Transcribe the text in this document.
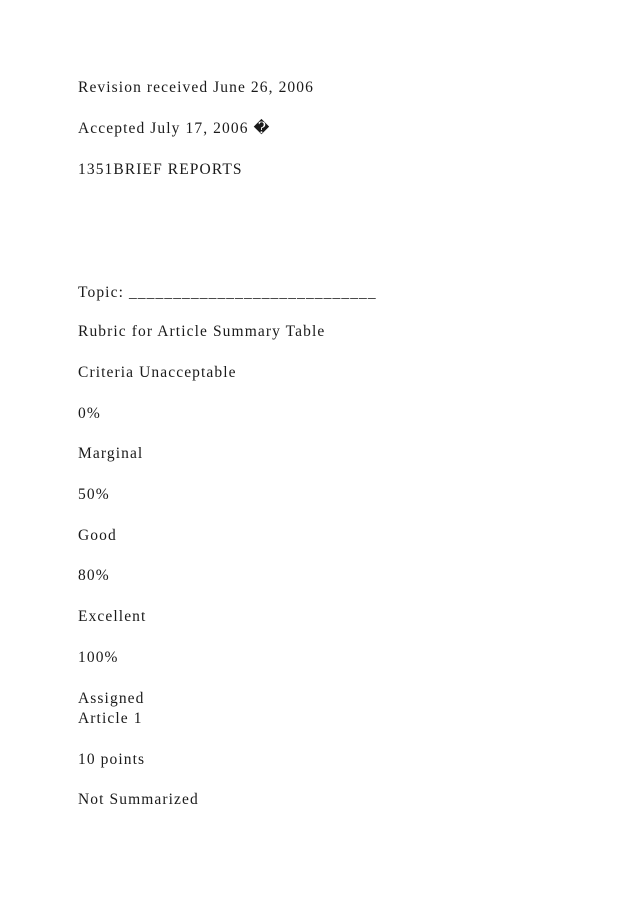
Revision received June 26, 2006

Accepted July 17, 2006 �

1351BRIEF REPORTS

Topic: ____________________________

Rubric for Article Summary Table

Criteria Unacceptable

0%

Marginal

50%

Good

80%

Excellent

100%

Assigned

Article 1

10 points

Not Summarized
